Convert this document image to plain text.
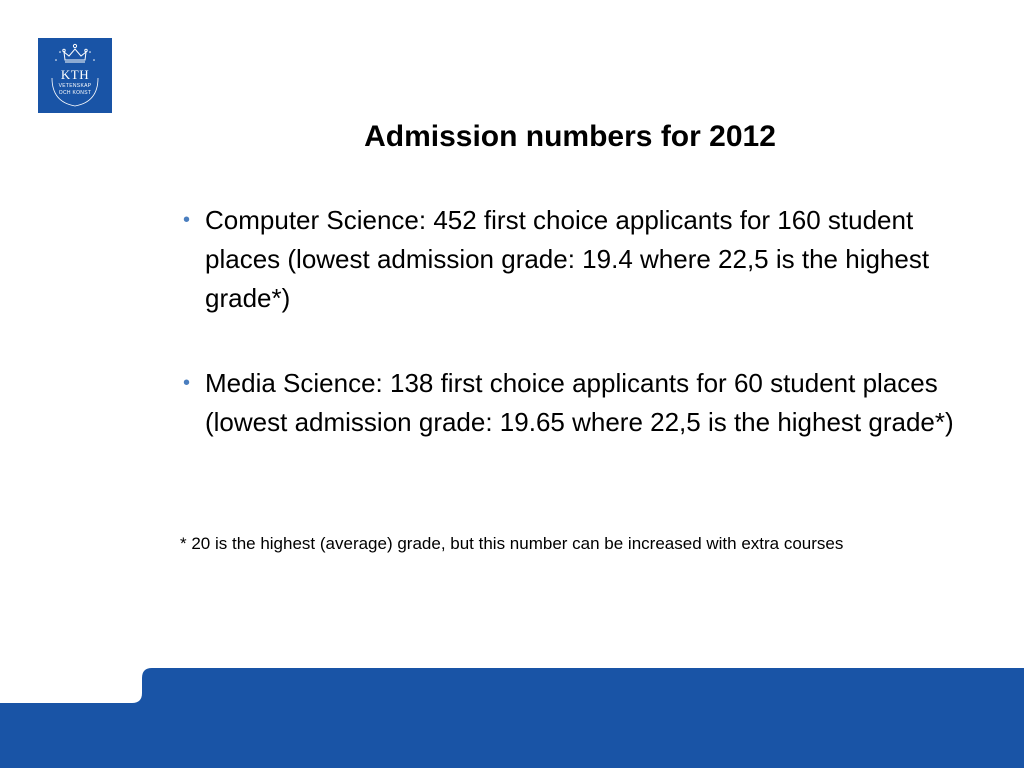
KTH
VETENSKAP
OCH KONST
Admission numbers for 2012
• Computer Science: 452 first choice applicants for 160 student places (lowest admission grade: 19.4 where 22,5 is the highest grade*)
• Media Science: 138 first choice applicants for 60 student places (lowest admission grade: 19.65 where 22,5 is the highest grade*)
* 20 is the highest (average) grade, but this number can be increased with extra courses
